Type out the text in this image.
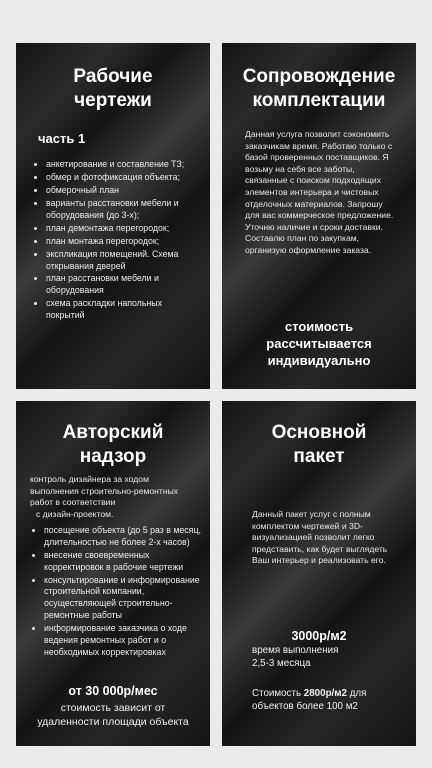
Рабочие

чертежи

часть 1
• анкетирование и составление ТЗ;
• обмер и фотофиксация объекта;
• обмерочный план
• варианты расстановки мебели и оборудования (до 3-х);
• план демонтажа перегородок;
• план монтажа перегородок;
• экспликация помещений. Схема открывания дверей
• план расстановки мебели и оборудования
• схема раскладки напольных покрытий

Сопровождение

комплектации

Данная услуга позволит сэкономить заказчикам время. Работаю только с базой проверенных поставщиков. Я возьму на себя все заботы, связанные с поиском подходящих элементов интерьера и чистовых отделочных материалов. Запрошу для вас коммерческое предложение. Уточню наличие и сроки доставки. Составлю план по закупкам, организую оформление заказа.
стоимость
рассчитывается
индивидуально

Авторский

надзор

контроль дизайнера за ходом выполнения строительно-ремонтных работ в соответствии
с дизайн-проектом.
• посещение объекта (до 5 раз в месяц, длительностью не более 2-х часов)
• внесение своевременных корректировок в рабочие чертежи
• консультирование и информирование строительной компании, осуществляющей строительно-ремонтные работы
• информирование заказчика о ходе ведения ремонтных работ и о необходимых корректировках
от 30 000р/мес
стоимость зависит от
удаленности площади объекта

Основной

пакет

Данный пакет услуг с полным комплектом чертежей и 3D-визуализацией позволит легко представить, как будет выглядеть Ваш интерьер и реализовать его.
3000р/м2
время выполнения
2,5-3 месяца
Стоимость 2800р/м2 для
объектов более 100 м2
